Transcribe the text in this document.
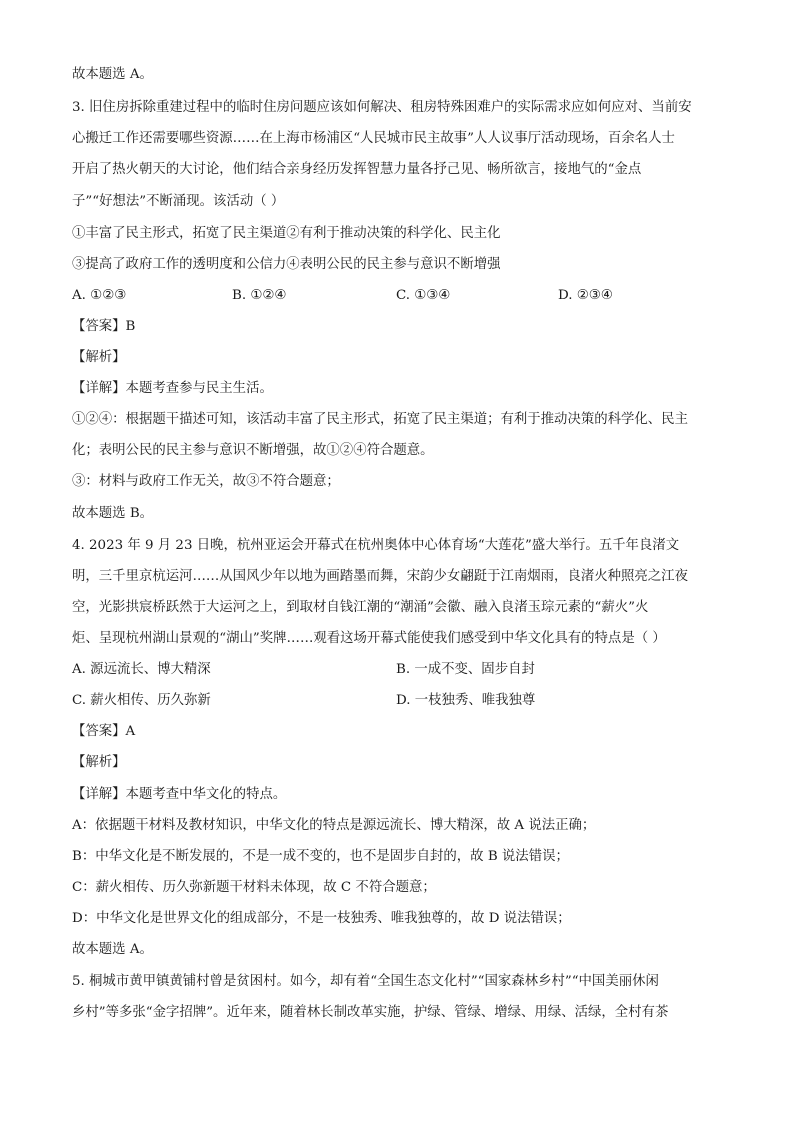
故本题选 A。
3. 旧住房拆除重建过程中的临时住房问题应该如何解决、租房特殊困难户的实际需求应如何应对、当前安
心搬迁工作还需要哪些资源……在上海市杨浦区“人民城市民主故事”人人议事厅活动现场，百余名人士
开启了热火朝天的大讨论，他们结合亲身经历发挥智慧力量各抒己见、畅所欲言，接地气的“金点
子”“好想法”不断涌现。该活动（ ）
①丰富了民主形式，拓宽了民主渠道②有利于推动决策的科学化、民主化
③提高了政府工作的透明度和公信力④表明公民的民主参与意识不断增强
A. ①②③	B. ①②④	C. ①③④	D. ②③④
【答案】B
【解析】
【详解】本题考查参与民主生活。
①②④：根据题干描述可知，该活动丰富了民主形式，拓宽了民主渠道；有利于推动决策的科学化、民主
化；表明公民的民主参与意识不断增强，故①②④符合题意。
③：材料与政府工作无关，故③不符合题意；
故本题选 B。
4. 2023 年 9 月 23 日晚，杭州亚运会开幕式在杭州奥体中心体育场“大莲花”盛大举行。五千年良渚文
明，三千里京杭运河……从国风少年以地为画踏墨而舞，宋韵少女翩跹于江南烟雨，良渚火种照亮之江夜
空，光影拱宸桥跃然于大运河之上，到取材自钱江潮的“潮涌”会徽、融入良渚玉琮元素的“薪火”火
炬、呈现杭州湖山景观的“湖山”奖牌……观看这场开幕式能使我们感受到中华文化具有的特点是（ ）
A. 源远流长、博大精深	B. 一成不变、固步自封
C. 薪火相传、历久弥新	D. 一枝独秀、唯我独尊
【答案】A
【解析】
【详解】本题考查中华文化的特点。
A：依据题干材料及教材知识，中华文化的特点是源远流长、博大精深，故 A 说法正确；
B：中华文化是不断发展的，不是一成不变的，也不是固步自封的，故 B 说法错误；
C：薪火相传、历久弥新题干材料未体现，故 C 不符合题意；
D：中华文化是世界文化的组成部分，不是一枝独秀、唯我独尊的，故 D 说法错误；
故本题选 A。
5. 桐城市黄甲镇黄铺村曾是贫困村。如今，却有着“全国生态文化村”“国家森林乡村”“中国美丽休闲
乡村”等多张“金字招牌”。近年来，随着林长制改革实施，护绿、管绿、增绿、用绿、活绿，全村有茶
